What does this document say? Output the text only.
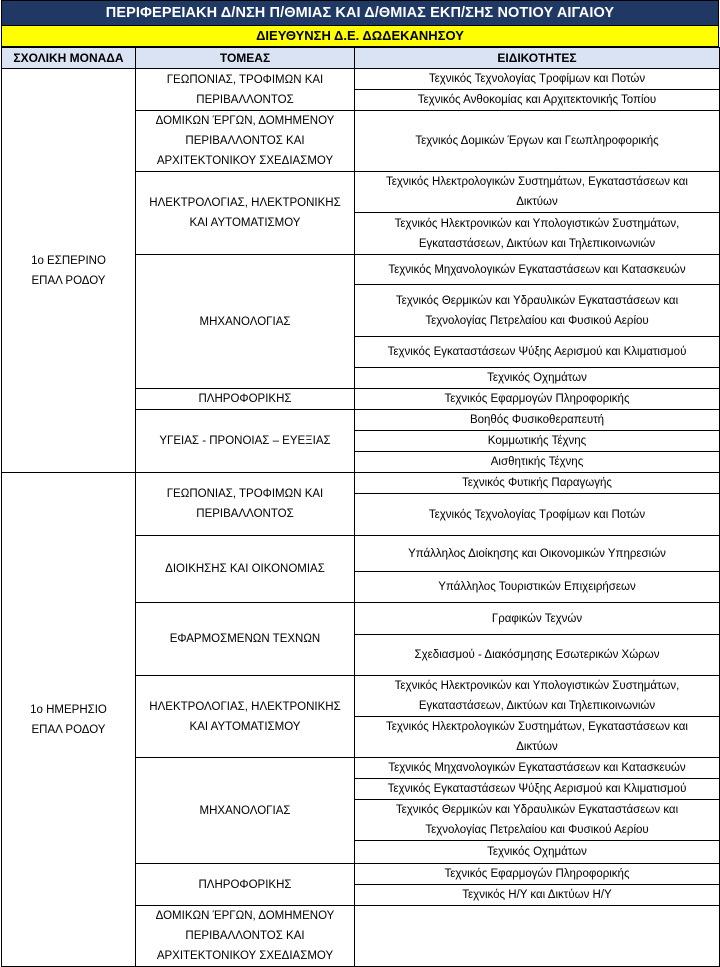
ΠΕΡΙΦΕΡΕΙΑΚΗ Δ/ΝΣΗ Π/ΘΜΙΑΣ ΚΑΙ Δ/ΘΜΙΑΣ ΕΚΠ/ΣΗΣ ΝΟΤΙΟΥ ΑΙΓΑΙΟΥ
ΔΙΕΥΘΥΝΣΗ Δ.Ε. ΔΩΔΕΚΑΝΗΣΟΥ
ΣΧΟΛΙΚΗ ΜΟΝΑΔΑ	ΤΟΜΕΑΣ	ΕΙΔΙΚΟΤΗΤΕΣ
1ο ΕΣΠΕΡΙΝΟ ΕΠΑΛ ΡΟΔΟΥ	ΓΕΩΠΟΝΙΑΣ, ΤΡΟΦΙΜΩΝ ΚΑΙ ΠΕΡΙΒΑΛΛΟΝΤΟΣ	Τεχνικός Τεχνολογίας Τροφίμων και Ποτών
		Τεχνικός Ανθοκομίας και Αρχιτεκτονικής Τοπίου
	ΔΟΜΙΚΩΝ ΈΡΓΩΝ, ΔΟΜΗΜΕΝΟΥ ΠΕΡΙΒΑΛΛΟΝΤΟΣ ΚΑΙ ΑΡΧΙΤΕΚΤΟΝΙΚΟΥ ΣΧΕΔΙΑΣΜΟΥ	Τεχνικός Δομικών Έργων και Γεωπληροφορικής
	ΗΛΕΚΤΡΟΛΟΓΙΑΣ, ΗΛΕΚΤΡΟΝΙΚΗΣ ΚΑΙ ΑΥΤΟΜΑΤΙΣΜΟΥ	Τεχνικός Ηλεκτρολογικών Συστημάτων, Εγκαταστάσεων και Δικτύων
		Τεχνικός Ηλεκτρονικών και Υπολογιστικών Συστημάτων, Εγκαταστάσεων, Δικτύων και Τηλεπικοινωνιών
	ΜΗΧΑΝΟΛΟΓΙΑΣ	Τεχνικός Μηχανολογικών Εγκαταστάσεων και Κατασκευών
		Τεχνικός Θερμικών και Υδραυλικών Εγκαταστάσεων και Τεχνολογίας Πετρελαίου και Φυσικού Αερίου
		Τεχνικός Εγκαταστάσεων Ψύξης Αερισμού και Κλιματισμού
		Τεχνικός Οχημάτων
	ΠΛΗΡΟΦΟΡΙΚΗΣ	Τεχνικός Εφαρμογών Πληροφορικής
	ΥΓΕΙΑΣ - ΠΡΟΝΟΙΑΣ – ΕΥΕΞΙΑΣ	Βοηθός Φυσικοθεραπευτή
		Κομμωτικής Τέχνης
		Αισθητικής Τέχνης
1ο ΗΜΕΡΗΣΙΟ ΕΠΑΛ ΡΟΔΟΥ	ΓΕΩΠΟΝΙΑΣ, ΤΡΟΦΙΜΩΝ ΚΑΙ ΠΕΡΙΒΑΛΛΟΝΤΟΣ	Τεχνικός Φυτικής Παραγωγής
		Τεχνικός Τεχνολογίας Τροφίμων και Ποτών
	ΔΙΟΙΚΗΣΗΣ ΚΑΙ ΟΙΚΟΝΟΜΙΑΣ	Υπάλληλος Διοίκησης και Οικονομικών Υπηρεσιών
		Υπάλληλος Τουριστικών Επιχειρήσεων
	ΕΦΑΡΜΟΣΜΕΝΩΝ ΤΕΧΝΩΝ	Γραφικών Τεχνών
		Σχεδιασμού - Διακόσμησης Εσωτερικών Χώρων
	ΗΛΕΚΤΡΟΛΟΓΙΑΣ, ΗΛΕΚΤΡΟΝΙΚΗΣ ΚΑΙ ΑΥΤΟΜΑΤΙΣΜΟΥ	Τεχνικός Ηλεκτρονικών και Υπολογιστικών Συστημάτων, Εγκαταστάσεων, Δικτύων και Τηλεπικοινωνιών
		Τεχνικός Ηλεκτρολογικών Συστημάτων, Εγκαταστάσεων και Δικτύων
	ΜΗΧΑΝΟΛΟΓΙΑΣ	Τεχνικός Μηχανολογικών Εγκαταστάσεων και Κατασκευών
		Τεχνικός Εγκαταστάσεων Ψύξης Αερισμού και Κλιματισμού
		Τεχνικός Θερμικών και Υδραυλικών Εγκαταστάσεων και Τεχνολογίας Πετρελαίου και Φυσικού Αερίου
		Τεχνικός Οχημάτων
	ΠΛΗΡΟΦΟΡΙΚΗΣ	Τεχνικός Εφαρμογών Πληροφορικής
		Τεχνικός Η/Υ και Δικτύων Η/Υ
	ΔΟΜΙΚΩΝ ΈΡΓΩΝ, ΔΟΜΗΜΕΝΟΥ ΠΕΡΙΒΑΛΛΟΝΤΟΣ ΚΑΙ ΑΡΧΙΤΕΚΤΟΝΙΚΟΥ ΣΧΕΔΙΑΣΜΟΥ	
